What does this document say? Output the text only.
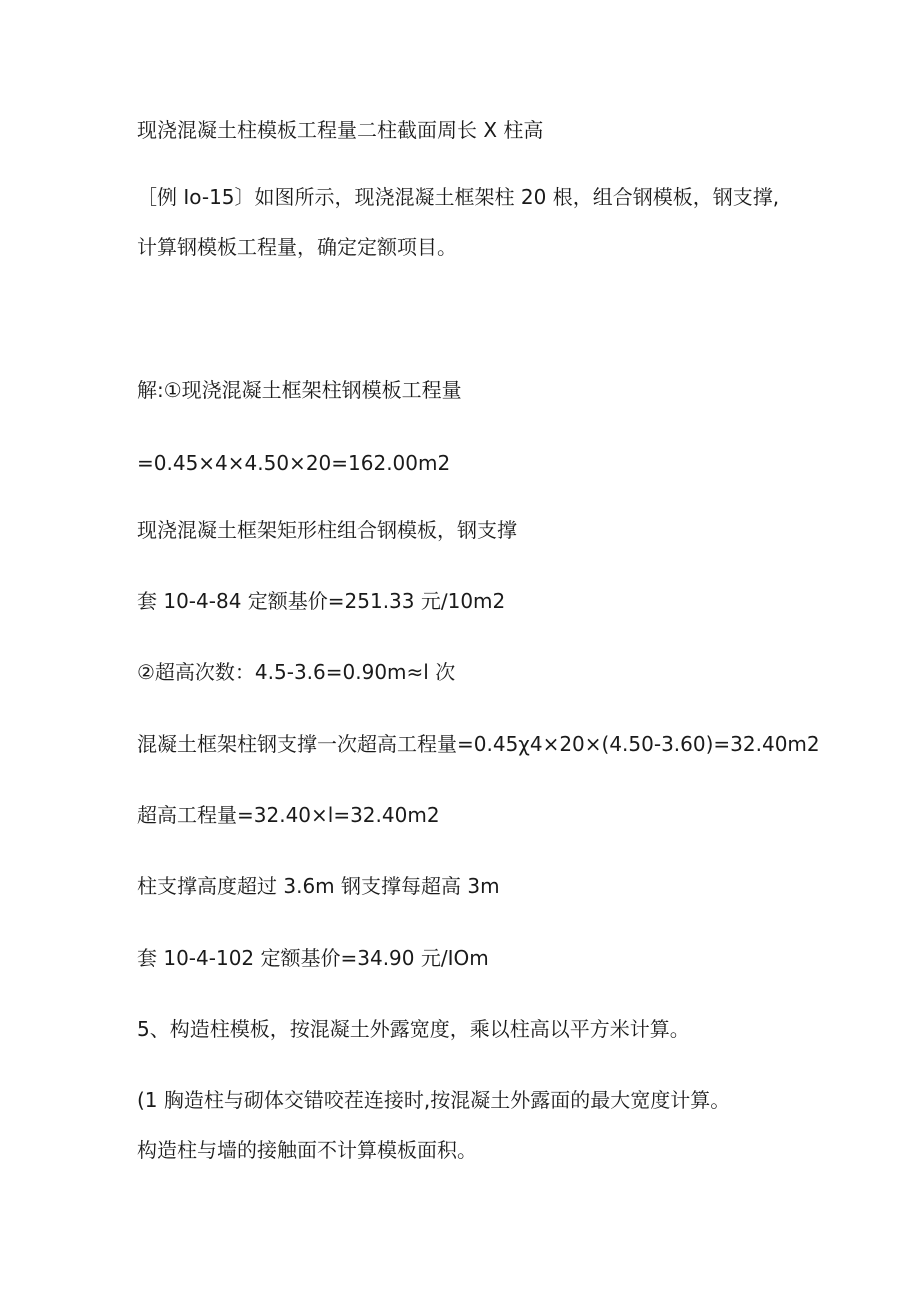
现浇混凝土柱模板工程量二柱截面周长 X 柱高

［例 Io-15〕如图所示，现浇混凝土框架柱 20 根，组合钢模板，钢支撑,

计算钢模板工程量，确定定额项目。

解:①现浇混凝土框架柱钢模板工程量

=0.45×4×4.50×20=162.00m2

现浇混凝土框架矩形柱组合钢模板，钢支撑

套 10-4-84 定额基价=251.33 元∕10m2

②超高次数：4.5-3.6=0.90m≈l 次

混凝土框架柱钢支撑一次超高工程量=0.45χ4×20×(4.50-3.60)=32.40m2

超高工程量=32.40×l=32.40m2

柱支撑高度超过 3.6m 钢支撑每超高 3m

套 10-4-102 定额基价=34.90 元/IOm

5、构造柱模板，按混凝土外露宽度，乘以柱高以平方米计算。

(1 胸造柱与砌体交错咬茬连接时,按混凝土外露面的最大宽度计算。

构造柱与墙的接触面不计算模板面积。
